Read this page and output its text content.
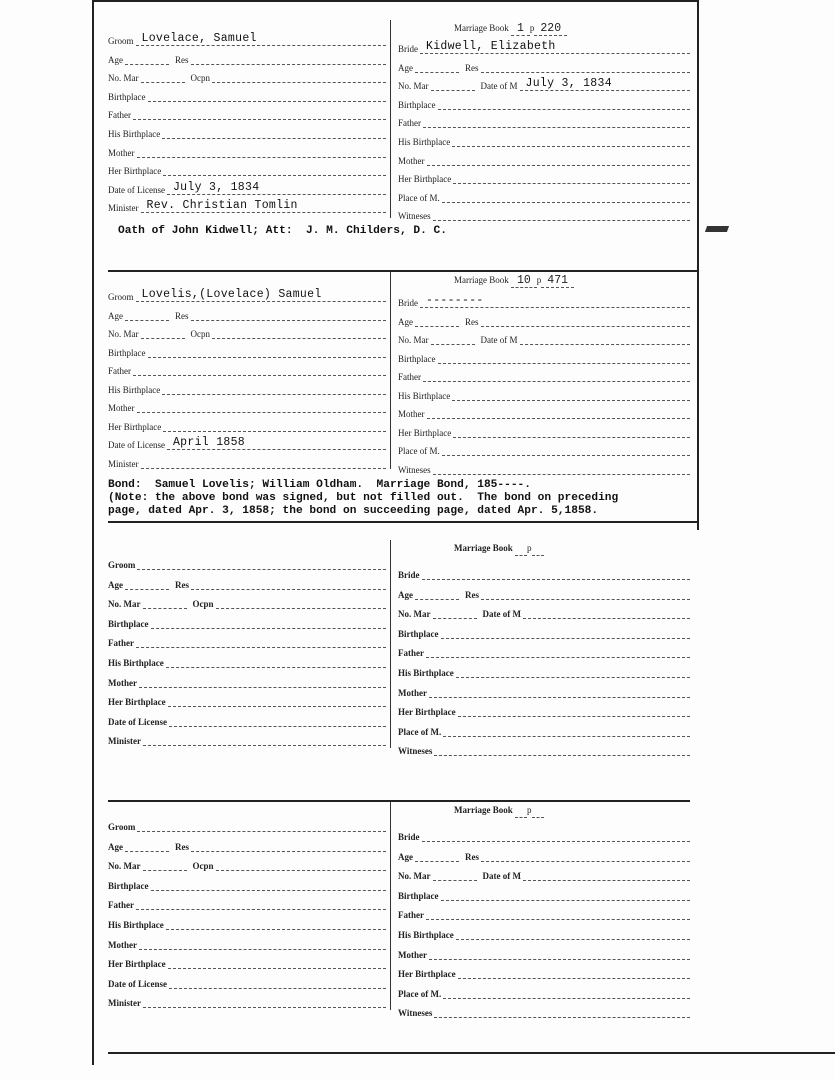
Groom Lovelace, Samuel
Age	Res
No. Mar	Ocpn
Birthplace
Father
His Birthplace
Mother
Her Birthplace
Date of License July 3, 1834
Minister Rev. Christian Tomlin
Marriage Book 1 p 220
Bride Kidwell, Elizabeth
Age	Res
No. Mar	Date of M July 3, 1834
Birthplace
Father
His Birthplace
Mother
Her Birthplace
Place of M.
Witneses
Oath of John Kidwell; Att:  J. M. Childers, D. C.
Groom Lovelis,(Lovelace) Samuel
Age	Res
No. Mar	Ocpn
Birthplace
Father
His Birthplace
Mother
Her Birthplace
Date of License April 1858
Minister
Marriage Book 10 p 471
Bride --------
Age	Res
No. Mar	Date of M
Birthplace
Father
His Birthplace
Mother
Her Birthplace
Place of M.
Witneses
Bond:  Samuel Lovelis; William Oldham.  Marriage Bond, 185----.
(Note: the above bond was signed, but not filled out.  The bond on preceding
page, dated Apr. 3, 1858; the bond on succeeding page, dated Apr. 5,1858.
Groom
Age	Res
No. Mar	Ocpn
Birthplace
Father
His Birthplace
Mother
Her Birthplace
Date of License
Minister
Marriage Book p
Bride
Age	Res
No. Mar	Date of M
Birthplace
Father
His Birthplace
Mother
Her Birthplace
Place of M.
Witneses
Groom
Age	Res
No. Mar	Ocpn
Birthplace
Father
His Birthplace
Mother
Her Birthplace
Date of License
Minister
Marriage Book p
Bride
Age	Res
No. Mar	Date of M
Birthplace
Father
His Birthplace
Mother
Her Birthplace
Place of M.
Witneses
